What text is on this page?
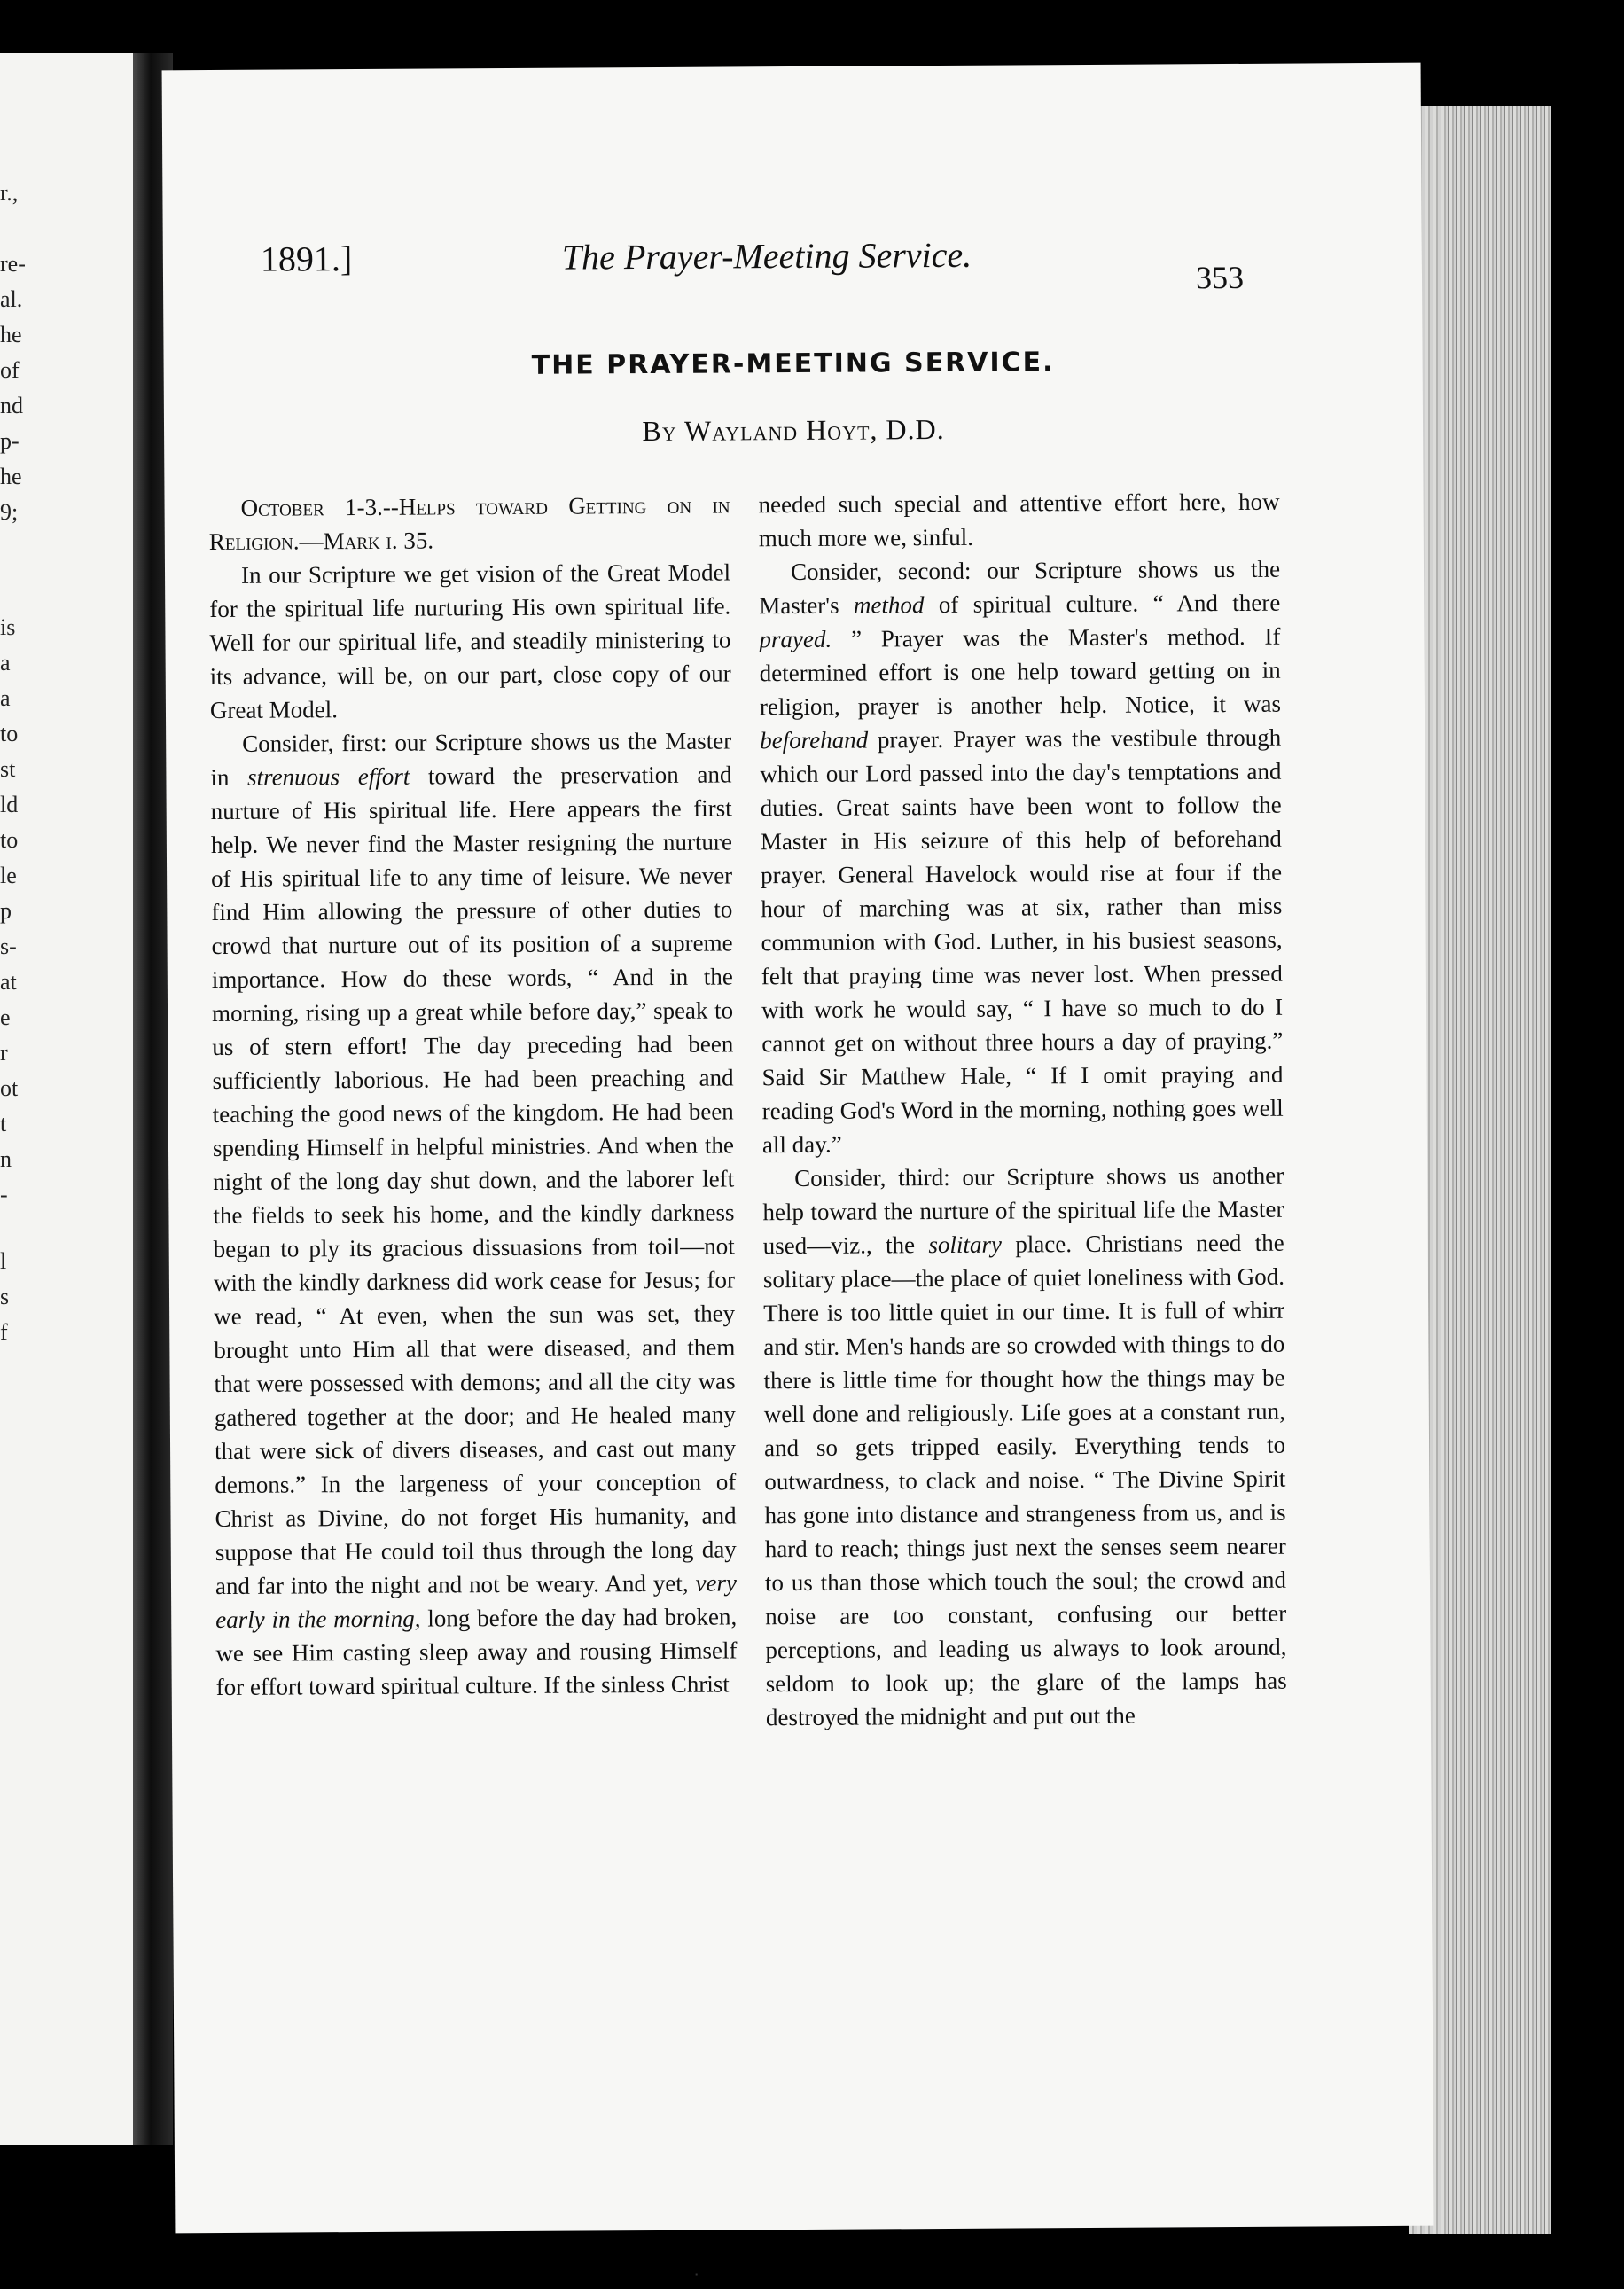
r.,
re-
al.
he
of
nd
p-
he
9;
is
a
a
to
st
ld
to
le
p
s-
at
e
r
ot
t
n
-
l
s
f
1891.]	The Prayer-Meeting Service.
353
THE PRAYER-MEETING SERVICE.
By Wayland Hoyt, D.D.

October 1-3.--Helps toward Getting on in Religion.—Mark i. 35.

In our Scripture we get vision of the Great Model for the spiritual life nurturing His own spiritual life. Well for our spiritual life, and steadily ministering to its advance, will be, on our part, close copy of our Great Model.

Consider, first: our Scripture shows us the Master in strenuous effort toward the preservation and nurture of His spiritual life. Here appears the first help. We never find the Master resigning the nurture of His spiritual life to any time of leisure. We never find Him allowing the pressure of other duties to crowd that nurture out of its position of a supreme importance. How do these words, “ And in the morning, rising up a great while before day,” speak to us of stern effort! The day preceding had been sufficiently laborious. He had been preaching and teaching the good news of the kingdom. He had been spending Himself in helpful ministries. And when the night of the long day shut down, and the laborer left the fields to seek his home, and the kindly darkness began to ply its gracious dissuasions from toil—not with the kindly darkness did work cease for Jesus; for we read, “ At even, when the sun was set, they brought unto Him all that were diseased, and them that were possessed with demons; and all the city was gathered together at the door; and He healed many that were sick of divers diseases, and cast out many demons.” In the largeness of your conception of Christ as Divine, do not forget His humanity, and suppose that He could toil thus through the long day and far into the night and not be weary. And yet, very early in the morning, long before the day had broken, we see Him casting sleep away and rousing Himself for effort toward spiritual culture. If the sinless Christ

needed such special and attentive effort here, how much more we, sinful.

Consider, second: our Scripture shows us the Master's method of spiritual culture. “ And there prayed. ” Prayer was the Master's method. If determined effort is one help toward getting on in religion, prayer is another help. Notice, it was beforehand prayer. Prayer was the vestibule through which our Lord passed into the day's temptations and duties. Great saints have been wont to follow the Master in His seizure of this help of beforehand prayer. General Havelock would rise at four if the hour of marching was at six, rather than miss communion with God. Luther, in his busiest seasons, felt that praying time was never lost. When pressed with work he would say, “ I have so much to do I cannot get on without three hours a day of praying.” Said Sir Matthew Hale, “ If I omit praying and reading God's Word in the morning, nothing goes well all day.”

Consider, third: our Scripture shows us another help toward the nurture of the spiritual life the Master used—viz., the solitary place. Christians need the solitary place—the place of quiet loneliness with God. There is too little quiet in our time. It is full of whirr and stir. Men's hands are so crowded with things to do there is little time for thought how the things may be well done and religiously. Life goes at a constant run, and so gets tripped easily. Everything tends to outwardness, to clack and noise. “ The Divine Spirit has gone into distance and strangeness from us, and is hard to reach; things just next the senses seem nearer to us than those which touch the soul; the crowd and noise are too constant, confusing our better perceptions, and leading us always to look around, seldom to look up; the glare of the lamps has destroyed the midnight and put out the

ᐧ
